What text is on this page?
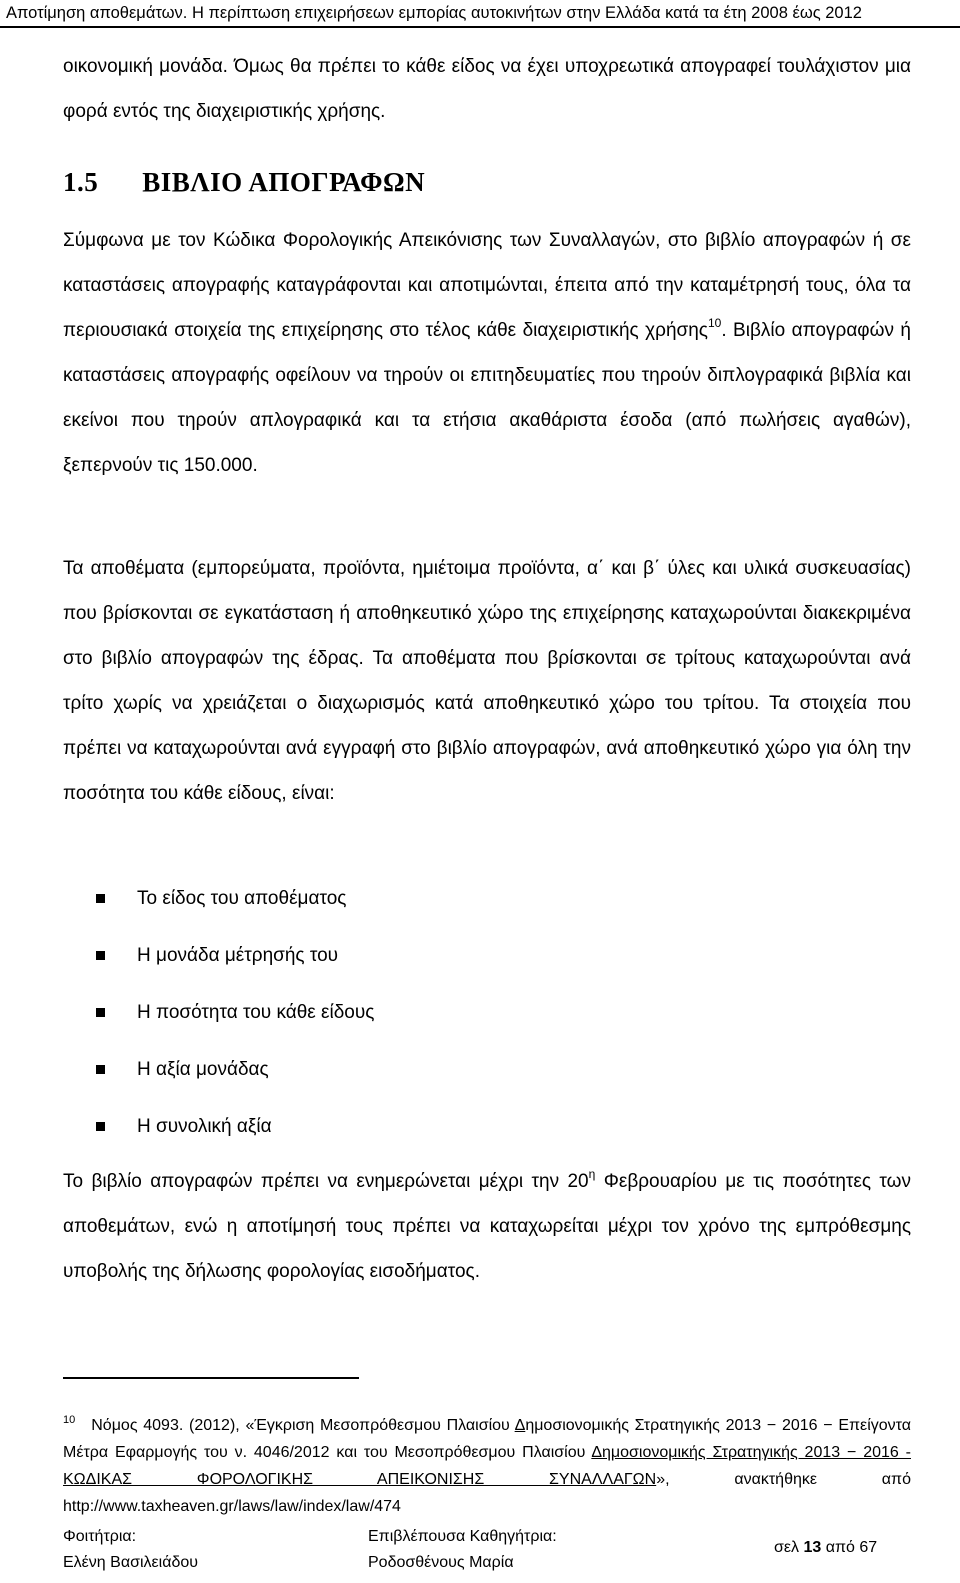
Αποτίμηση αποθεμάτων. Η περίπτωση επιχειρήσεων εμπορίας αυτοκινήτων στην Ελλάδα κατά τα έτη 2008 έως 2012

οικονομική μονάδα. Όμως θα πρέπει το κάθε είδος να έχει υποχρεωτικά απογραφεί τουλάχιστον μια φορά εντός της διαχειριστικής χρήσης.

1.5 ΒΙΒΛΙΟ ΑΠΟΓΡΑΦΩΝ

Σύμφωνα με τον Κώδικα Φορολογικής Απεικόνισης των Συναλλαγών, στο βιβλίο απογραφών ή σε καταστάσεις απογραφής καταγράφονται και αποτιμώνται, έπειτα από την καταμέτρησή τους, όλα τα περιουσιακά στοιχεία της επιχείρησης στο τέλος κάθε διαχειριστικής χρήσης$^{10}$. Βιβλίο απογραφών ή καταστάσεις απογραφής οφείλουν να τηρούν οι επιτηδευματίες που τηρούν διπλογραφικά βιβλία και εκείνοι που τηρούν απλογραφικά και τα ετήσια ακαθάριστα έσοδα (από πωλήσεις αγαθών), ξεπερνούν τις 150.000.

Τα αποθέματα (εμπορεύματα, προϊόντα, ημιέτοιμα προϊόντα, α΄ και β΄ ύλες και υλικά συσκευασίας) που βρίσκονται σε εγκατάσταση ή αποθηκευτικό χώρο της επιχείρησης καταχωρούνται διακεκριμένα στο βιβλίο απογραφών της έδρας. Τα αποθέματα που βρίσκονται σε τρίτους καταχωρούνται ανά τρίτο χωρίς να χρειάζεται ο διαχωρισμός κατά αποθηκευτικό χώρο του τρίτου. Τα στοιχεία που πρέπει να καταχωρούνται ανά εγγραφή στο βιβλίο απογραφών, ανά αποθηκευτικό χώρο για όλη την ποσότητα του κάθε είδους, είναι:

Το είδος του αποθέματος
Η μονάδα μέτρησής του
Η ποσότητα του κάθε είδους
Η αξία μονάδας
Η συνολική αξία

Το βιβλίο απογραφών πρέπει να ενημερώνεται μέχρι την $20^\eta$ Φεβρουαρίου με τις ποσότητες των αποθεμάτων, ενώ η αποτίμησή τους πρέπει να καταχωρείται μέχρι τον χρόνο της εμπρόθεσμης υποβολής της δήλωσης φορολογίας εισοδήματος.

$^{10}$ Νόμος 4093. (2012), «Έγκριση Μεσοπρόθεσμου Πλαισίου Δημοσιονομικής Στρατηγικής 2013 − 2016 − Επείγοντα Μέτρα Εφαρμογής του ν. 4046/2012 και του Μεσοπρόθεσμου Πλαισίου Δημοσιονομικής Στρατηγικής 2013 − 2016 - ΚΩΔΙΚΑΣ ΦΟΡΟΛΟΓΙΚΗΣ ΑΠΕΙΚΟΝΙΣΗΣ ΣΥΝΑΛΛΑΓΩΝ», ανακτήθηκε από http://www.taxheaven.gr/laws/law/index/law/474

Φοιτήτρια:
Ελένη Βασιλειάδου
Επιβλέπουσα Καθηγήτρια:
Ροδοσθένους Μαρία
σελ 13 από 67
